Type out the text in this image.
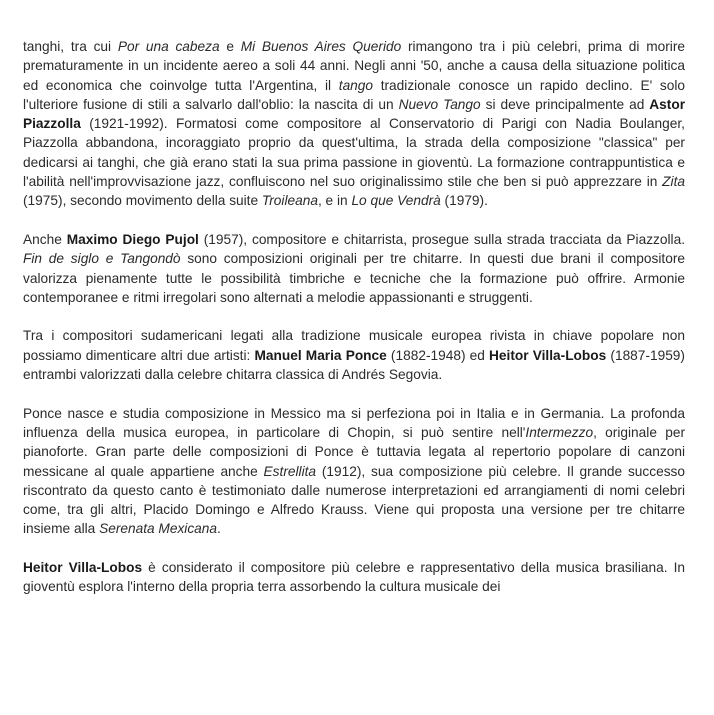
tanghi, tra cui Por una cabeza e Mi Buenos Aires Querido rimangono tra i più celebri, prima di morire prematuramente in un incidente aereo a soli 44 anni. Negli anni '50, anche a causa della situazione politica ed economica che coinvolge tutta l'Argentina, il tango tradizionale conosce un rapido declino. E' solo l'ulteriore fusione di stili a salvarlo dall'oblio: la nascita di un Nuevo Tango si deve principalmente ad Astor Piazzolla (1921-1992). Formatosi come compositore al Conservatorio di Parigi con Nadia Boulanger, Piazzolla abbandona, incoraggiato proprio da quest'ultima, la strada della composizione "classica" per dedicarsi ai tanghi, che già erano stati la sua prima passione in gioventù. La formazione contrappuntistica e l'abilità nell'improvvisazione jazz, confluiscono nel suo originalissimo stile che ben si può apprezzare in Zita (1975), secondo movimento della suite Troileana, e in Lo que Vendrà (1979).

Anche Maximo Diego Pujol (1957), compositore e chitarrista, prosegue sulla strada tracciata da Piazzolla. Fin de siglo e Tangondò sono composizioni originali per tre chitarre. In questi due brani il compositore valorizza pienamente tutte le possibilità timbriche e tecniche che la formazione può offrire. Armonie contemporanee e ritmi irregolari sono alternati a melodie appassionanti e struggenti.

Tra i compositori sudamericani legati alla tradizione musicale europea rivista in chiave popolare non possiamo dimenticare altri due artisti: Manuel Maria Ponce (1882-1948) ed Heitor Villa-Lobos (1887-1959) entrambi valorizzati dalla celebre chitarra classica di Andrés Segovia.

Ponce nasce e studia composizione in Messico ma si perfeziona poi in Italia e in Germania. La profonda influenza della musica europea, in particolare di Chopin, si può sentire nell'Intermezzo, originale per pianoforte. Gran parte delle composizioni di Ponce è tuttavia legata al repertorio popolare di canzoni messicane al quale appartiene anche Estrellita (1912), sua composizione più celebre. Il grande successo riscontrato da questo canto è testimoniato dalle numerose interpretazioni ed arrangiamenti di nomi celebri come, tra gli altri, Placido Domingo e Alfredo Krauss. Viene qui proposta una versione per tre chitarre insieme alla Serenata Mexicana.

Heitor Villa-Lobos è considerato il compositore più celebre e rappresentativo della musica brasiliana. In gioventù esplora l'interno della propria terra assorbendo la cultura musicale dei
